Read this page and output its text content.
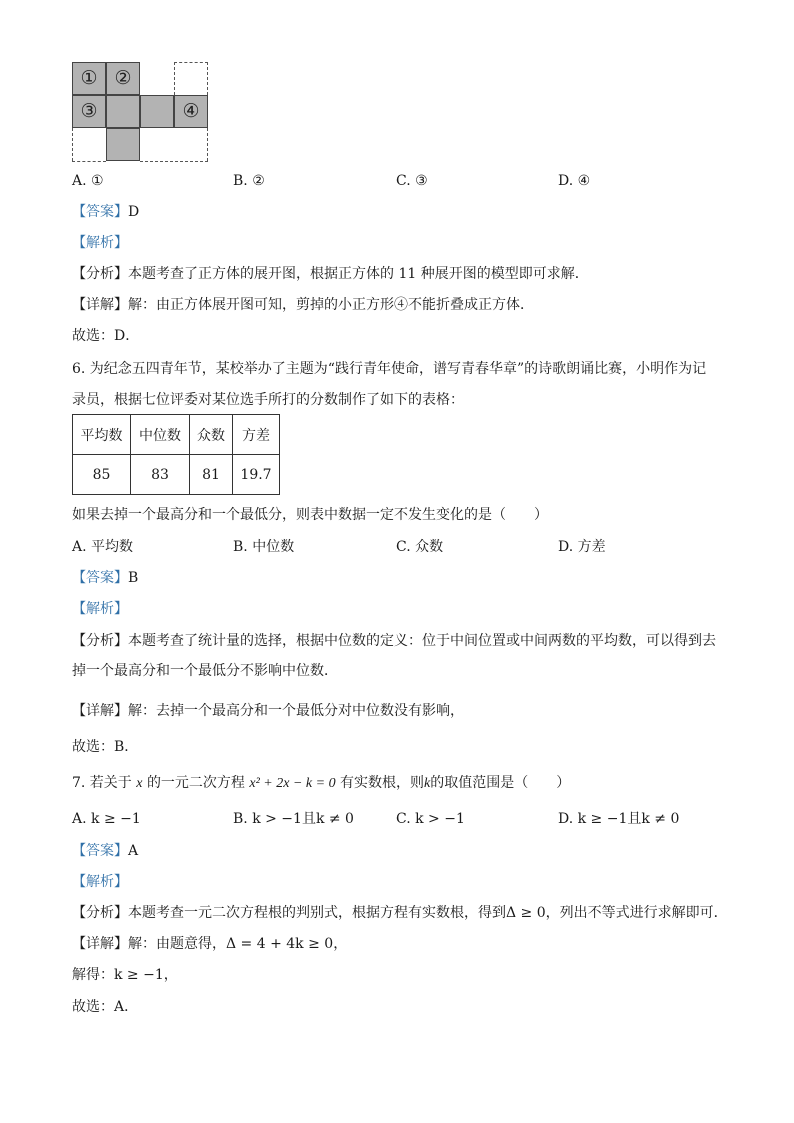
① ②
③	④
A. ①	B. ②	C. ③	D. ④
【答案】D
【解析】
【分析】本题考查了正方体的展开图，根据正方体的 11 种展开图的模型即可求解．
【详解】解：由正方体展开图可知，剪掉的小正方形④不能折叠成正方体．
故选：D．
6. 为纪念五四青年节，某校举办了主题为“践行青年使命，谱写青春华章”的诗歌朗诵比赛，小明作为记
录员，根据七位评委对某位选手所打的分数制作了如下的表格：
平均数	中位数	众数	方差
85	83	81	19.7
如果去掉一个最高分和一个最低分，则表中数据一定不发生变化的是（　　）
A. 平均数	B. 中位数	C. 众数	D. 方差
【答案】B
【解析】
【分析】本题考查了统计量的选择，根据中位数的定义：位于中间位置或中间两数的平均数，可以得到去
掉一个最高分和一个最低分不影响中位数．
【详解】解：去掉一个最高分和一个最低分对中位数没有影响，
故选：B．
7. 若关于 x 的一元二次方程 x² + 2x − k = 0 有实数根，则k的取值范围是（　　）
A. k ≥ −1	B. k > −1且k ≠ 0	C. k > −1	D. k ≥ −1且k ≠ 0
【答案】A
【解析】
【分析】本题考查一元二次方程根的判别式，根据方程有实数根，得到Δ ≥ 0，列出不等式进行求解即可．
【详解】解：由题意得，Δ = 4 + 4k ≥ 0，
解得：k ≥ −1，
故选：A．
